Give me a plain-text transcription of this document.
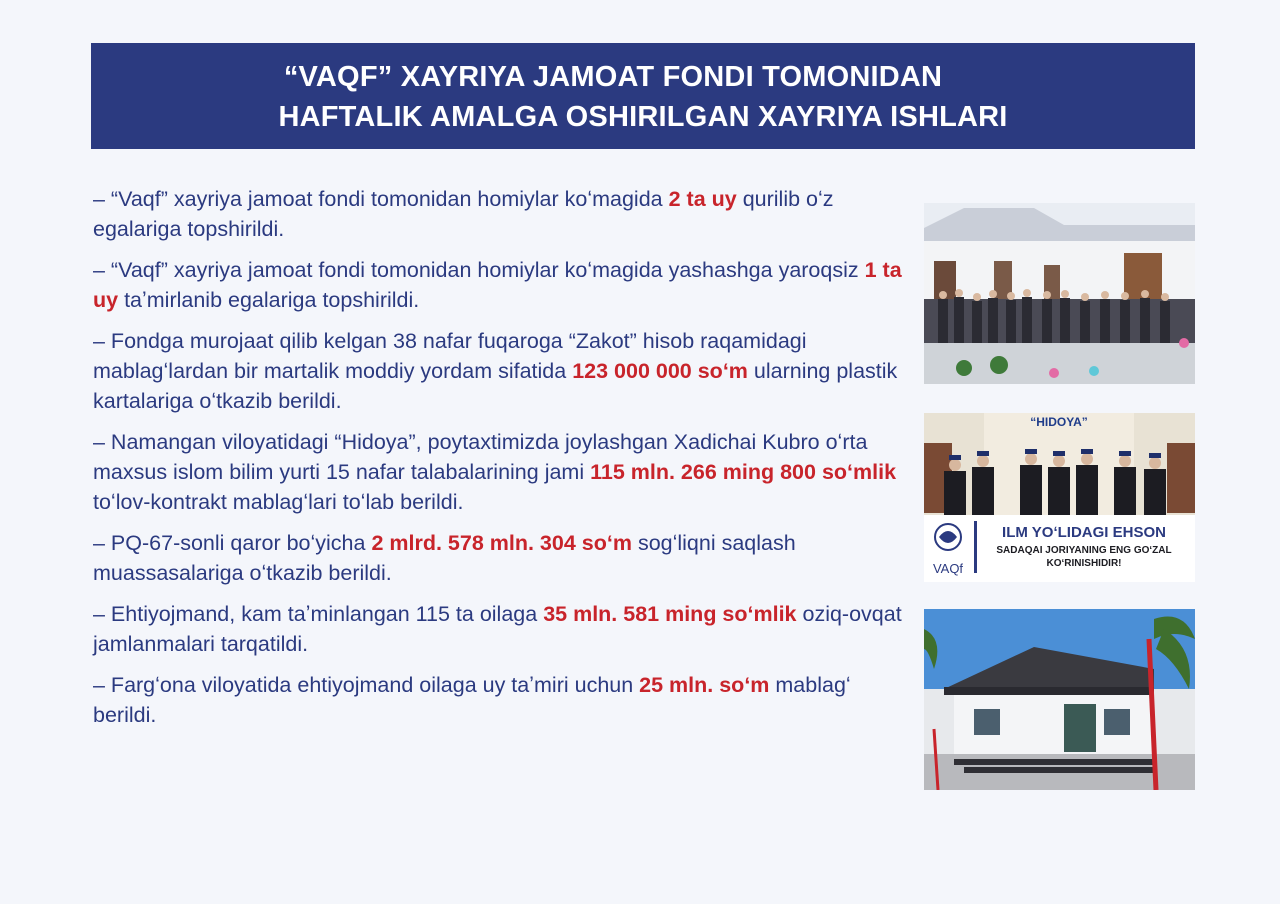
“VAQF” XAYRIYA JAMOAT FONDI TOMONIDAN
HAFTALIK AMALGA OSHIRILGAN XAYRIYA ISHLARI

– “Vaqf” xayriya jamoat fondi tomonidan homiylar koʻmagida 2 ta uy qurilib oʻz egalariga topshirildi.

– “Vaqf” xayriya jamoat fondi tomonidan homiylar koʻmagida yashashga yaroqsiz 1 ta uy taʼmirlanib egalariga topshirildi.

– Fondga murojaat qilib kelgan 38 nafar fuqaroga “Zakot” hisob raqamidagi mablagʻlardan bir martalik moddiy yordam sifatida 123 000 000 soʻm ularning plastik kartalariga oʻtkazib berildi.

– Namangan viloyatidagi “Hidoya”, poytaxtimizda joylashgan Xadichai Kubro oʻrta maxsus islom bilim yurti 15 nafar talabalarining jami 115 mln. 266 ming 800 soʻmlik toʻlov-kontrakt mablagʻlari toʻlab berildi.

– PQ-67-sonli qaror boʻyicha 2 mlrd. 578 mln. 304 soʻm sogʻliqni saqlash muassasalariga oʻtkazib berildi.

– Ehtiyojmand, kam taʼminlangan 115 ta oilaga 35 mln. 581 ming soʻmlik oziq-ovqat jamlanmalari tarqatildi.

– Fargʻona viloyatida ehtiyojmand oilaga uy taʼmiri uchun 25 mln. soʻm mablagʻ berildi.

“HIDOYA”
VAQf
ILM YOʻLIDAGI EHSON
SADAQAI JORIYANING ENG GOʻZAL
KOʻRINISHIDIR!
